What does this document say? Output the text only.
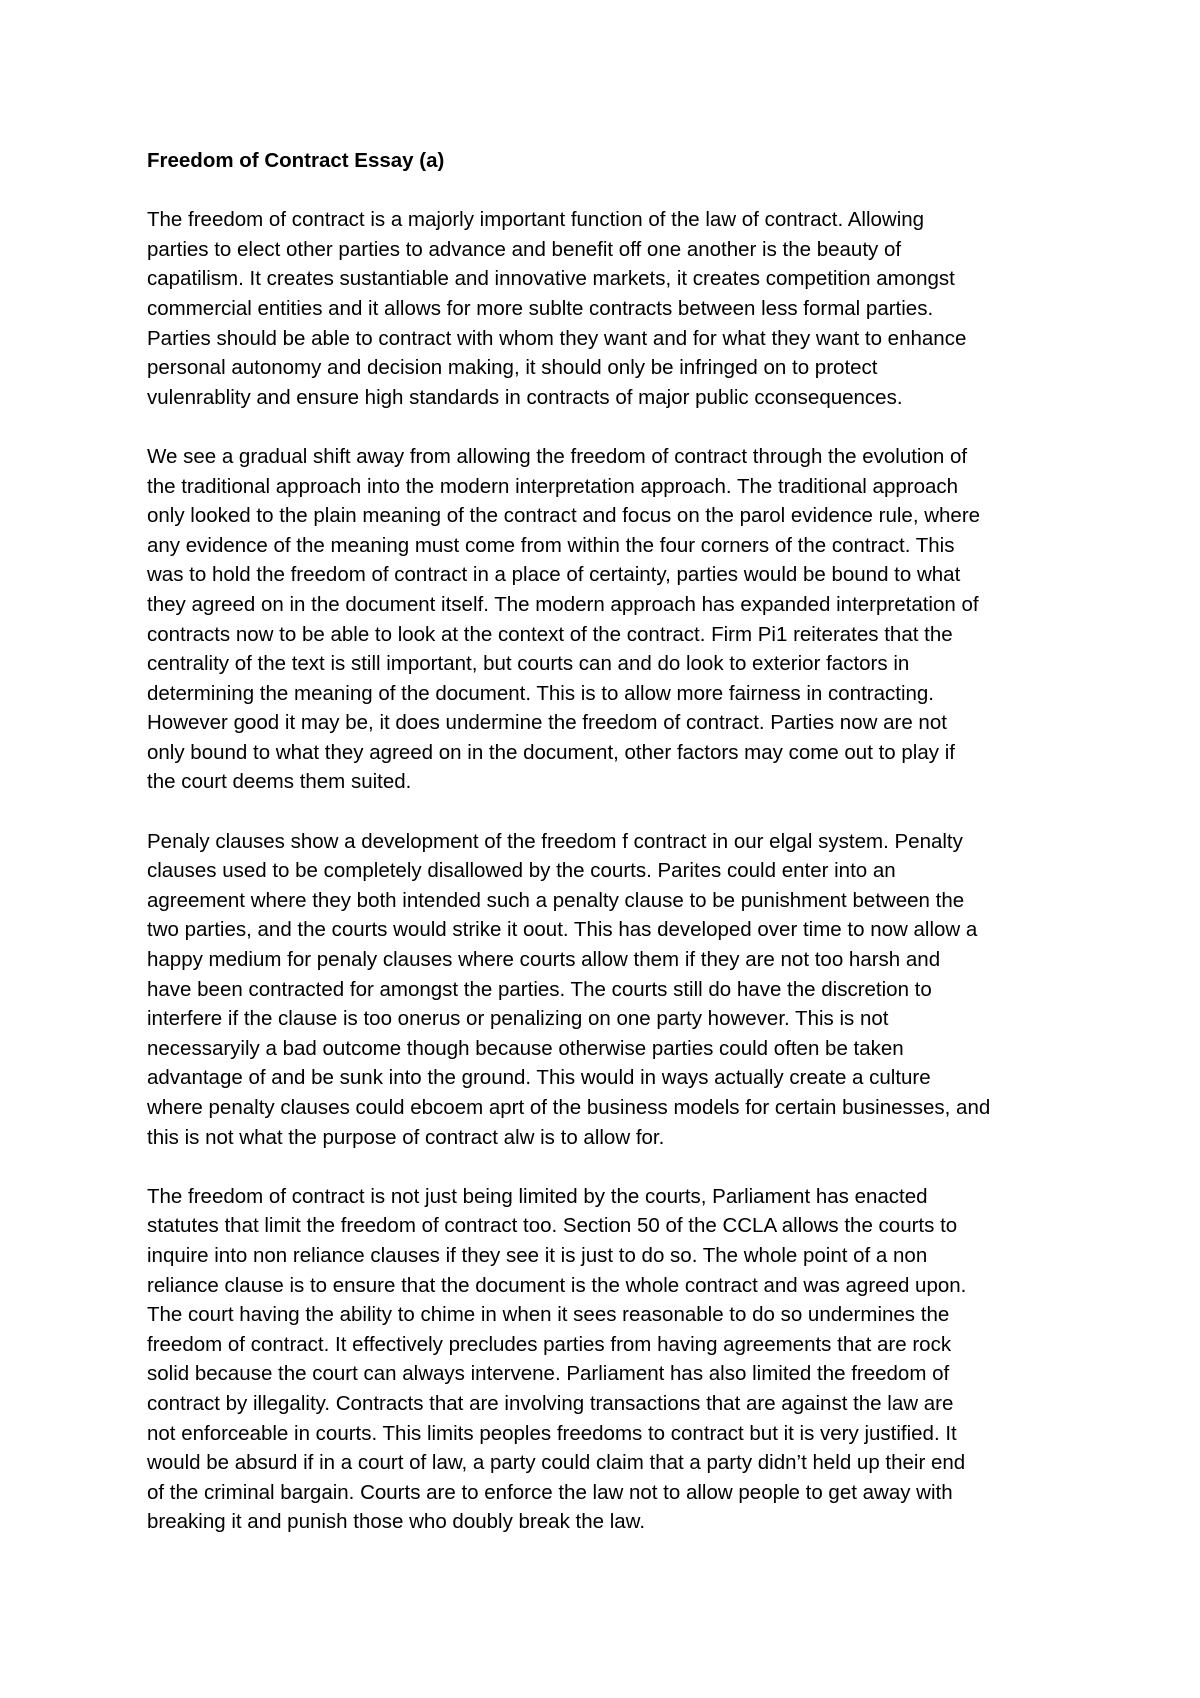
Freedom of Contract Essay (a)
The freedom of contract is a majorly important function of the law of contract. Allowing
parties to elect other parties to advance and benefit off one another is the beauty of
capatilism. It creates sustantiable and innovative markets, it creates competition amongst
commercial entities and it allows for more sublte contracts between less formal parties.
Parties should be able to contract with whom they want and for what they want to enhance
personal autonomy and decision making, it should only be infringed on to protect
vulenrablity and ensure high standards in contracts of major public cconsequences.
We see a gradual shift away from allowing the freedom of contract through the evolution of
the traditional approach into the modern interpretation approach. The traditional approach
only looked to the plain meaning of the contract and focus on the parol evidence rule, where
any evidence of the meaning must come from within the four corners of the contract. This
was to hold the freedom of contract in a place of certainty, parties would be bound to what
they agreed on in the document itself. The modern approach has expanded interpretation of
contracts now to be able to look at the context of the contract. Firm Pi1 reiterates that the
centrality of the text is still important, but courts can and do look to exterior factors in
determining the meaning of the document. This is to allow more fairness in contracting.
However good it may be, it does undermine the freedom of contract. Parties now are not
only bound to what they agreed on in the document, other factors may come out to play if
the court deems them suited.
Penaly clauses show a development of the freedom f contract in our elgal system. Penalty
clauses used to be completely disallowed by the courts. Parites could enter into an
agreement where they both intended such a penalty clause to be punishment between the
two parties, and the courts would strike it oout. This has developed over time to now allow a
happy medium for penaly clauses where courts allow them if they are not too harsh and
have been contracted for amongst the parties. The courts still do have the discretion to
interfere if the clause is too onerus or penalizing on one party however. This is not
necessaryily a bad outcome though because otherwise parties could often be taken
advantage of and be sunk into the ground. This would in ways actually create a culture
where penalty clauses could ebcoem aprt of the business models for certain businesses, and
this is not what the purpose of contract alw is to allow for.
The freedom of contract is not just being limited by the courts, Parliament has enacted
statutes that limit the freedom of contract too. Section 50 of the CCLA allows the courts to
inquire into non reliance clauses if they see it is just to do so. The whole point of a non
reliance clause is to ensure that the document is the whole contract and was agreed upon.
The court having the ability to chime in when it sees reasonable to do so undermines the
freedom of contract. It effectively precludes parties from having agreements that are rock
solid because the court can always intervene. Parliament has also limited the freedom of
contract by illegality. Contracts that are involving transactions that are against the law are
not enforceable in courts. This limits peoples freedoms to contract but it is very justified. It
would be absurd if in a court of law, a party could claim that a party didn’t held up their end
of the criminal bargain. Courts are to enforce the law not to allow people to get away with
breaking it and punish those who doubly break the law.
